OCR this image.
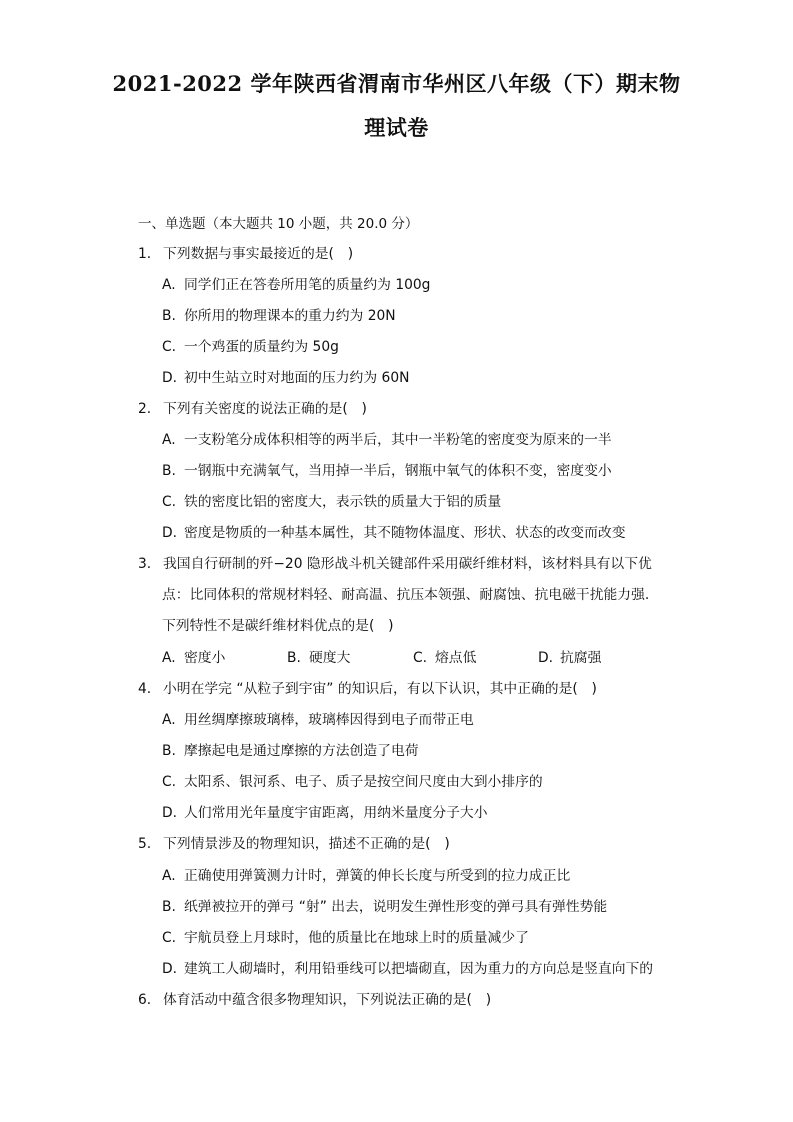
2021-2022 学年陕西省渭南市华州区八年级（下）期末物
理试卷
一、单选题（本大题共 10 小题，共 20.0 分）
1. 下列数据与事实最接近的是(　)
A. 同学们正在答卷所用笔的质量约为 100g
B. 你所用的物理课本的重力约为 20N
C. 一个鸡蛋的质量约为 50g
D. 初中生站立时对地面的压力约为 60N
2. 下列有关密度的说法正确的是(　)
A. 一支粉笔分成体积相等的两半后，其中一半粉笔的密度变为原来的一半
B. 一钢瓶中充满氧气，当用掉一半后，钢瓶中氧气的体积不变，密度变小
C. 铁的密度比铝的密度大，表示铁的质量大于铝的质量
D. 密度是物质的一种基本属性，其不随物体温度、形状、状态的改变而改变
3. 我国自行研制的歼−20 隐形战斗机关键部件采用碳纤维材料，该材料具有以下优
点：比同体积的常规材料轻、耐高温、抗压本领强、耐腐蚀、抗电磁干扰能力强.
下列特性不是碳纤维材料优点的是(　)
A. 密度小	B. 硬度大	C. 熔点低	D. 抗腐强
4. 小明在学完 “从粒子到宇宙” 的知识后，有以下认识，其中正确的是(　)
A. 用丝绸摩擦玻璃棒，玻璃棒因得到电子而带正电
B. 摩擦起电是通过摩擦的方法创造了电荷
C. 太阳系、银河系、电子、质子是按空间尺度由大到小排序的
D. 人们常用光年量度宇宙距离，用纳米量度分子大小
5. 下列情景涉及的物理知识，描述不正确的是(　)
A. 正确使用弹簧测力计时，弹簧的伸长长度与所受到的拉力成正比
B. 纸弹被拉开的弹弓 “射” 出去，说明发生弹性形变的弹弓具有弹性势能
C. 宇航员登上月球时，他的质量比在地球上时的质量减少了
D. 建筑工人砌墙时，利用铅垂线可以把墙砌直，因为重力的方向总是竖直向下的
6. 体育活动中蕴含很多物理知识，下列说法正确的是(　)
